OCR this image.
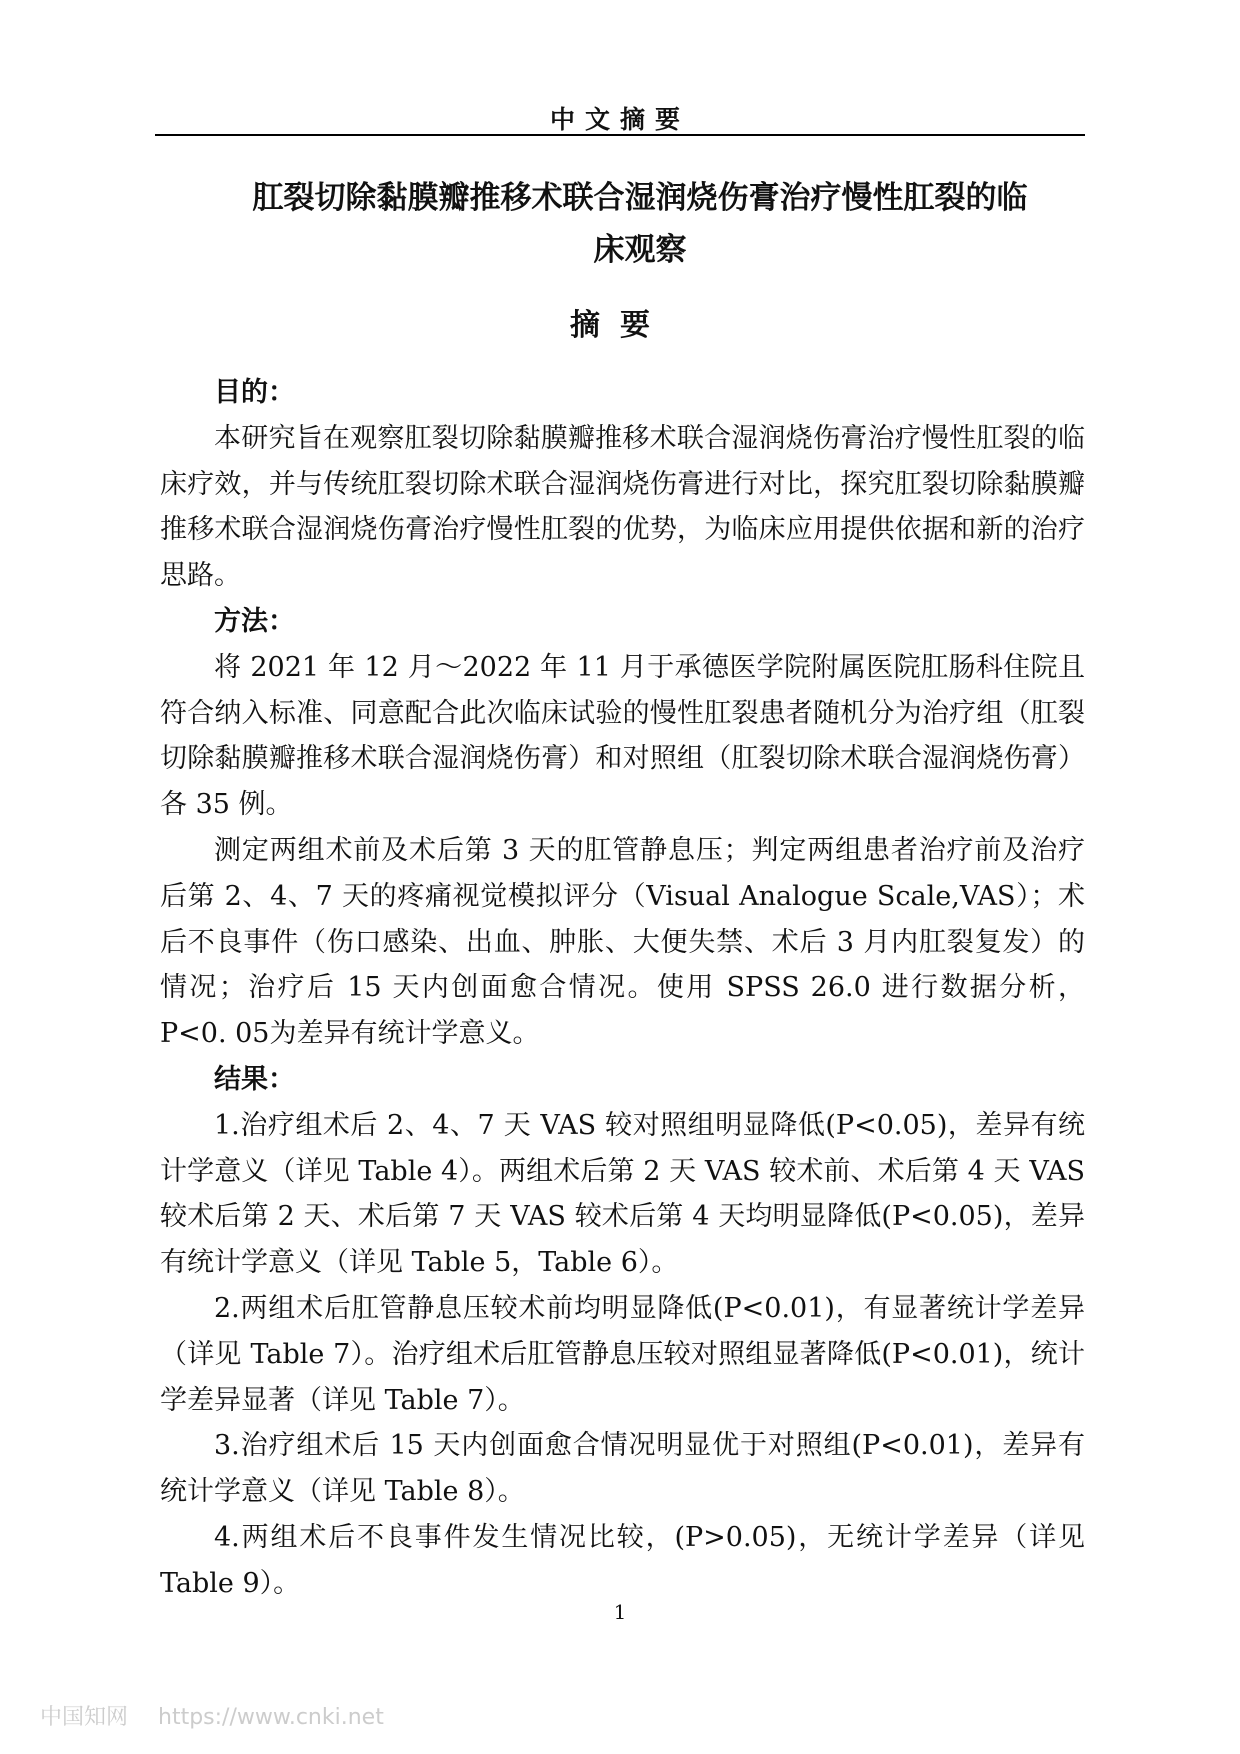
中文摘要
肛裂切除黏膜瓣推移术联合湿润烧伤膏治疗慢性肛裂的临
床观察
摘要

目的：

本研究旨在观察肛裂切除黏膜瓣推移术联合湿润烧伤膏治疗慢性肛裂的临床疗效，并与传统肛裂切除术联合湿润烧伤膏进行对比，探究肛裂切除黏膜瓣推移术联合湿润烧伤膏治疗慢性肛裂的优势，为临床应用提供依据和新的治疗思路。

方法：

将 2021 年 12 月～2022 年 11 月于承德医学院附属医院肛肠科住院且符合纳入标准、同意配合此次临床试验的慢性肛裂患者随机分为治疗组（肛裂切除黏膜瓣推移术联合湿润烧伤膏）和对照组（肛裂切除术联合湿润烧伤膏）各 35 例。

测定两组术前及术后第 3 天的肛管静息压；判定两组患者治疗前及治疗后第 2、4、7 天的疼痛视觉模拟评分（Visual Analogue Scale,VAS）；术后不良事件（伤口感染、出血、肿胀、大便失禁、术后 3 月内肛裂复发）的情况；治疗后 15 天内创面愈合情况。使用 SPSS 26.0 进行数据分析，P<0. 05为差异有统计学意义。

结果：

1.治疗组术后 2、4、7 天 VAS 较对照组明显降低(P<0.05)，差异有统计学意义（详见 Table 4）。两组术后第 2 天 VAS 较术前、术后第 4 天 VAS 较术后第 2 天、术后第 7 天 VAS 较术后第 4 天均明显降低(P<0.05)，差异有统计学意义（详见 Table 5，Table 6）。

2.两组术后肛管静息压较术前均明显降低(P<0.01)，有显著统计学差异（详见 Table 7）。治疗组术后肛管静息压较对照组显著降低(P<0.01)，统计学差异显著（详见 Table 7）。

3.治疗组术后 15 天内创面愈合情况明显优于对照组(P<0.01)，差异有统计学意义（详见 Table 8）。

4.两组术后不良事件发生情况比较，(P>0.05)，无统计学差异（详见 Table 9）。

1
中国知网 https://www.cnki.net
